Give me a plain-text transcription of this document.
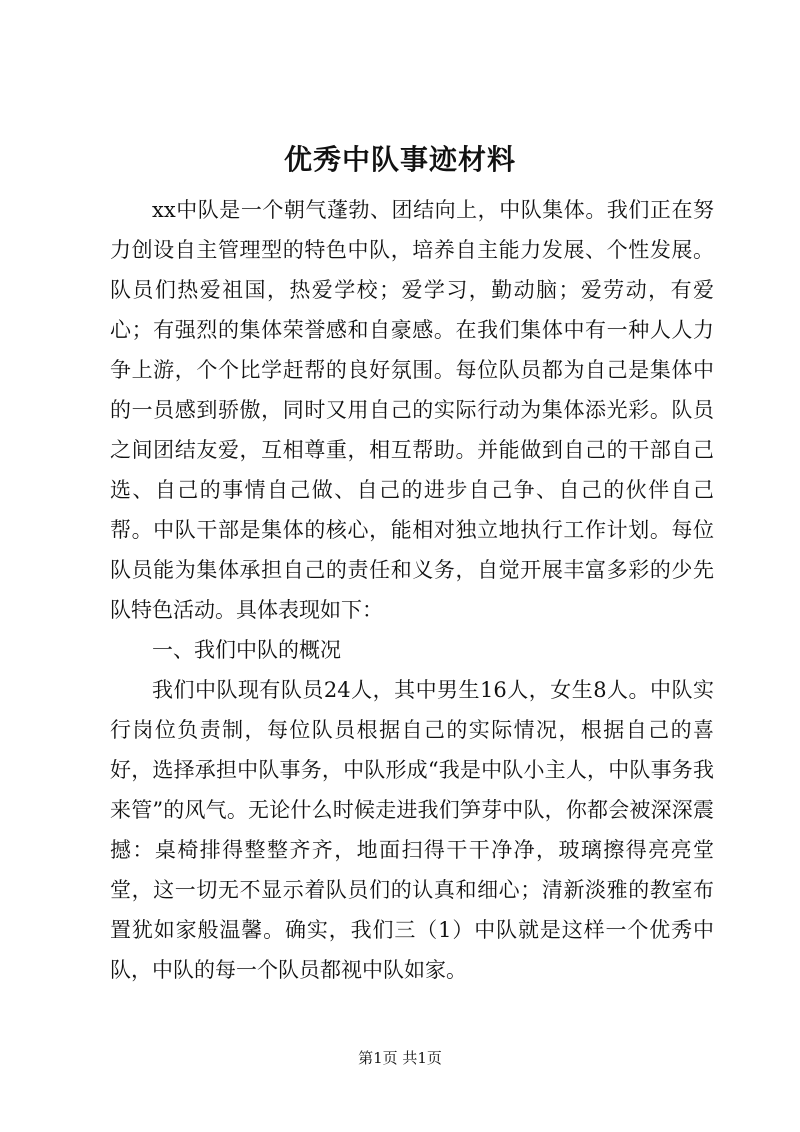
优秀中队事迹材料

xx中队是一个朝气蓬勃、团结向上，中队集体。我们正在努力创设自主管理型的特色中队，培养自主能力发展、个性发展。队员们热爱祖国，热爱学校；爱学习，勤动脑；爱劳动，有爱心；有强烈的集体荣誉感和自豪感。在我们集体中有一种人人力争上游，个个比学赶帮的良好氛围。每位队员都为自己是集体中的一员感到骄傲，同时又用自己的实际行动为集体添光彩。队员之间团结友爱，互相尊重，相互帮助。并能做到自己的干部自己选、自己的事情自己做、自己的进步自己争、自己的伙伴自己帮。中队干部是集体的核心，能相对独立地执行工作计划。每位队员能为集体承担自己的责任和义务，自觉开展丰富多彩的少先队特色活动。具体表现如下：

一、我们中队的概况

我们中队现有队员24人，其中男生16人，女生8人。中队实行岗位负责制，每位队员根据自己的实际情况，根据自己的喜好，选择承担中队事务，中队形成“我是中队小主人，中队事务我来管”的风气。无论什么时候走进我们笋芽中队，你都会被深深震撼：桌椅排得整整齐齐，地面扫得干干净净，玻璃擦得亮亮堂堂，这一切无不显示着队员们的认真和细心；清新淡雅的教室布置犹如家般温馨。确实，我们三（1）中队就是这样一个优秀中队，中队的每一个队员都视中队如家。

第1页 共1页
